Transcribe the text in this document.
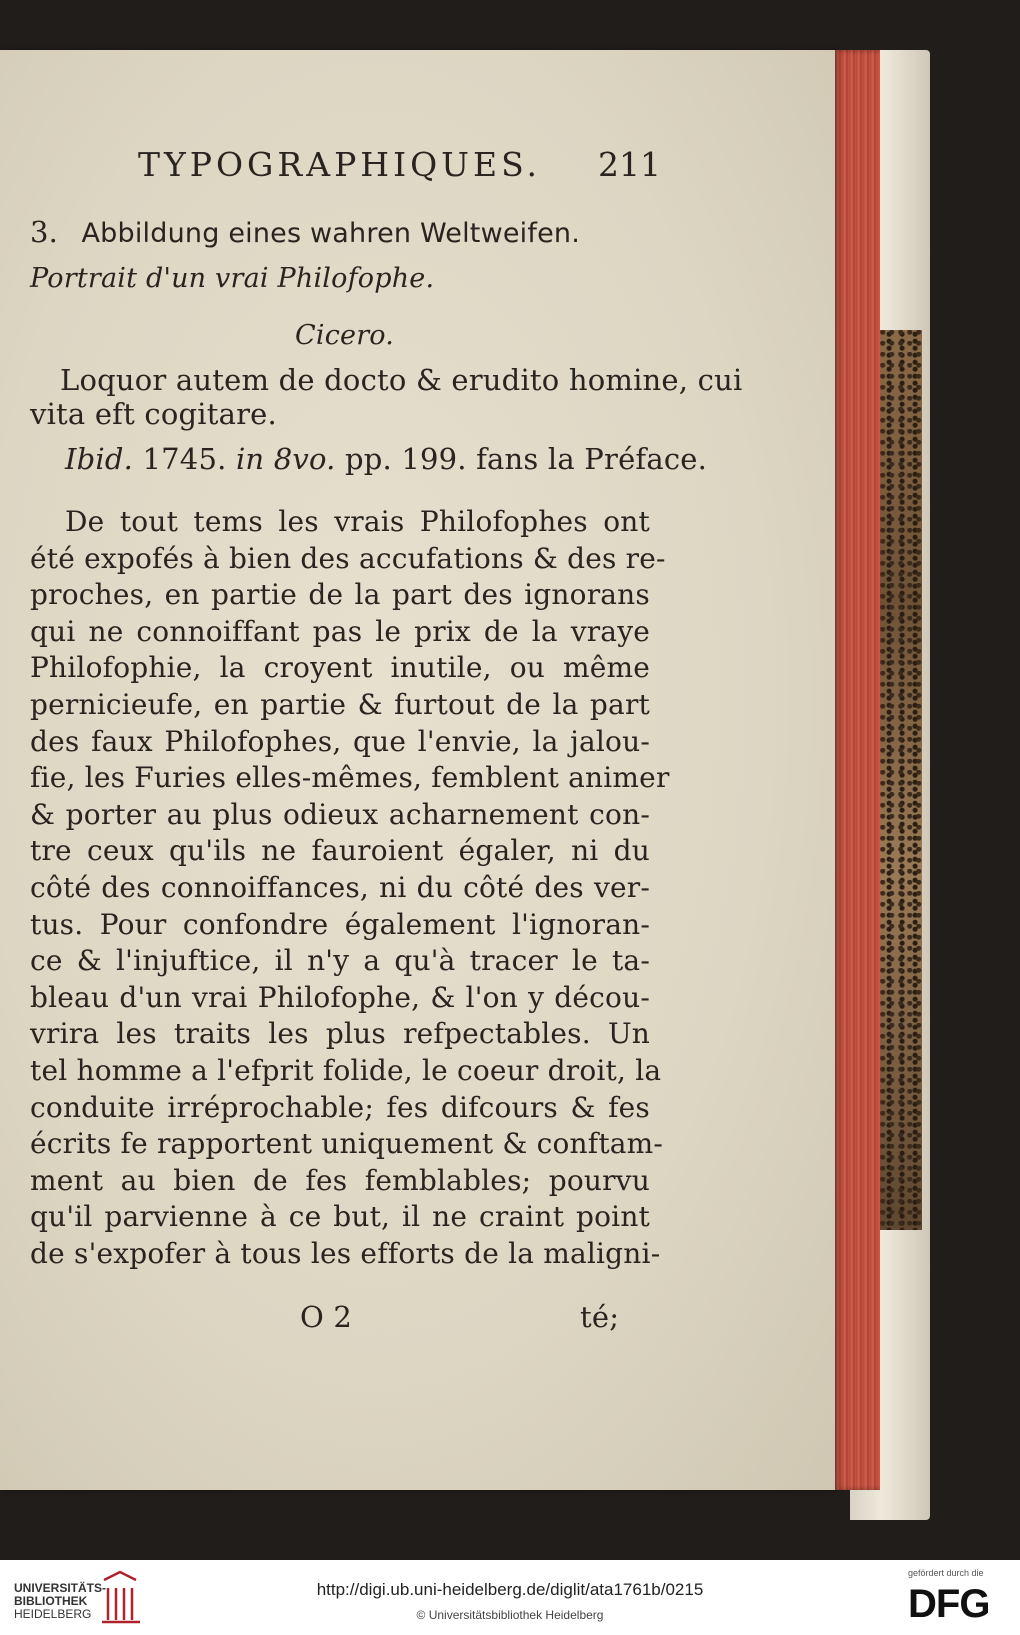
TYPOGRAPHIQUES.	211
3. Abbildung eines wahren Weltweifen.
Portrait d'un vrai Philofophe.
Cicero.
Loquor autem de docto & erudito homine, cui
vita eft cogitare.
Ibid. 1745. in 8vo. pp. 199. fans la Préface.
De tout tems les vrais Philofophes ont
été expofés à bien des accufations & des re-
proches, en partie de la part des ignorans
qui ne connoiffant pas le prix de la vraye
Philofophie, la croyent inutile, ou même
pernicieufe, en partie & furtout de la part
des faux Philofophes, que l'envie, la jalou-
fie, les Furies elles-mêmes, femblent animer
& porter au plus odieux acharnement con-
tre ceux qu'ils ne fauroient égaler, ni du
côté des connoiffances, ni du côté des ver-
tus. Pour confondre également l'ignoran-
ce & l'injuftice, il n'y a qu'à tracer le ta-
bleau d'un vrai Philofophe, & l'on y décou-
vrira les traits les plus refpectables. Un
tel homme a l'efprit folide, le coeur droit, la
conduite irréprochable; fes difcours & fes
écrits fe rapportent uniquement & conftam-
ment au bien de fes femblables; pourvu
qu'il parvienne à ce but, il ne craint point
de s'expofer à tous les efforts de la maligni-
O 2	té;
UNIVERSITÄTS-
BIBLIOTHEK
HEIDELBERG
http://digi.ub.uni-heidelberg.de/diglit/ata1761b/0215
© Universitätsbibliothek Heidelberg
gefördert durch die
DFG
